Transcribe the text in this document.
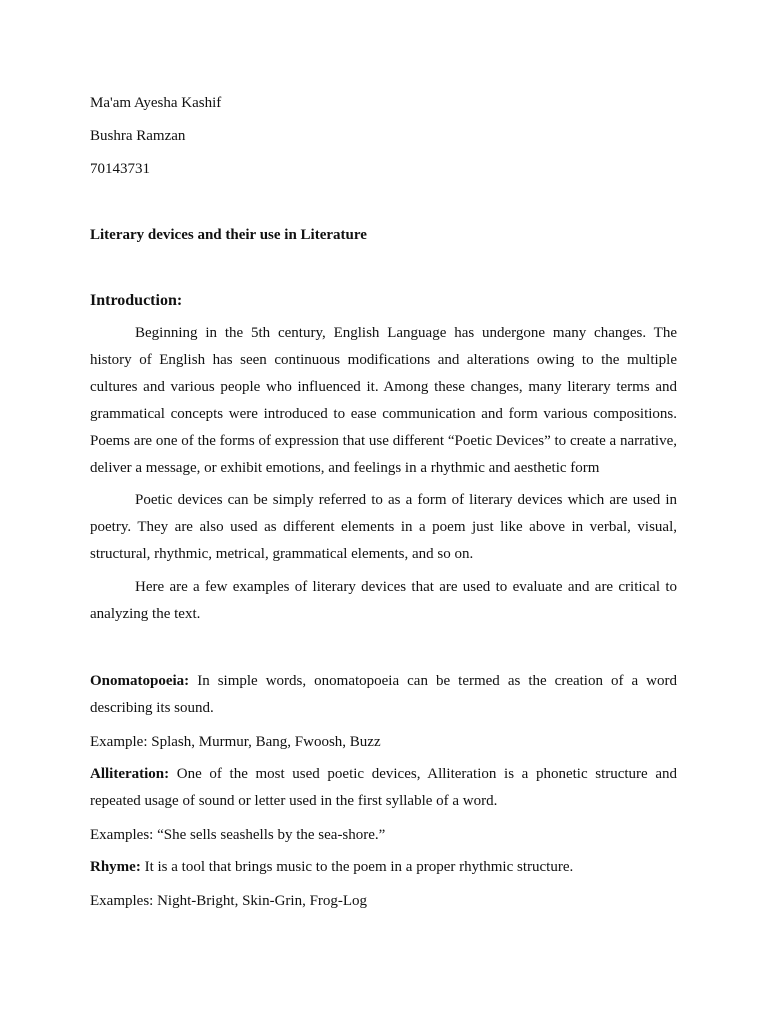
Ma'am Ayesha Kashif
Bushra Ramzan
70143731
Literary devices and their use in Literature
Introduction:
Beginning in the 5th century, English Language has undergone many changes. The history of English has seen continuous modifications and alterations owing to the multiple cultures and various people who influenced it. Among these changes, many literary terms and grammatical concepts were introduced to ease communication and form various compositions. Poems are one of the forms of expression that use different “Poetic Devices” to create a narrative, deliver a message, or exhibit emotions, and feelings in a rhythmic and aesthetic form
Poetic devices can be simply referred to as a form of literary devices which are used in poetry. They are also used as different elements in a poem just like above in verbal, visual, structural, rhythmic, metrical, grammatical elements, and so on.
Here are a few examples of literary devices that are used to evaluate and are critical to analyzing the text.
Onomatopoeia: In simple words, onomatopoeia can be termed as the creation of a word describing its sound.
Example: Splash, Murmur, Bang, Fwoosh, Buzz
Alliteration: One of the most used poetic devices, Alliteration is a phonetic structure and repeated usage of sound or letter used in the first syllable of a word.
Examples: “She sells seashells by the sea-shore.”
Rhyme: It is a tool that brings music to the poem in a proper rhythmic structure.
Examples: Night-Bright, Skin-Grin, Frog-Log
